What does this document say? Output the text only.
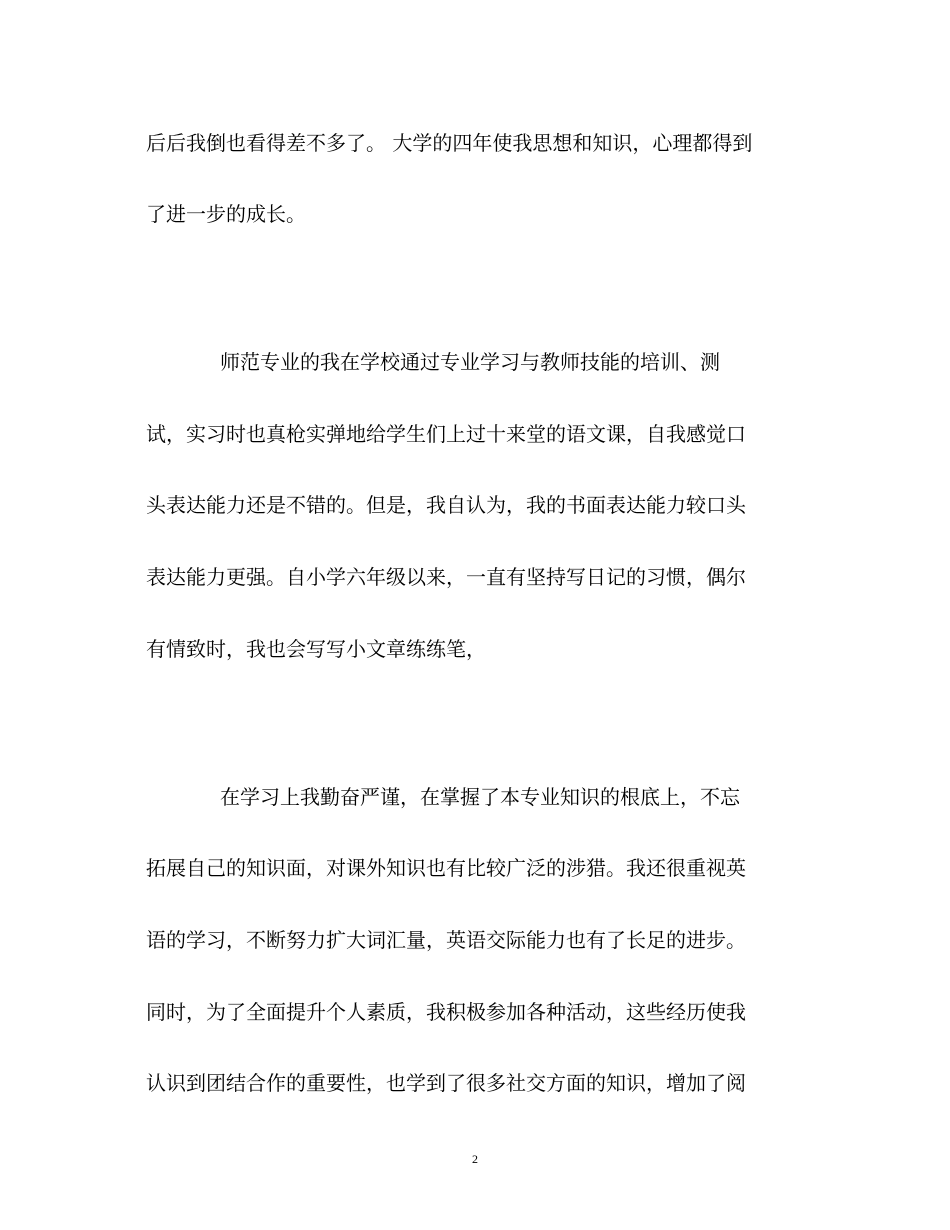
后后我倒也看得差不多了。 大学的四年使我思想和知识，心理都得到

了进一步的成长。

师范专业的我在学校通过专业学习与教师技能的培训、测

试，实习时也真枪实弹地给学生们上过十来堂的语文课，自我感觉口

头表达能力还是不错的。但是，我自认为，我的书面表达能力较口头

表达能力更强。自小学六年级以来，一直有坚持写日记的习惯，偶尔

有情致时，我也会写写小文章练练笔，

在学习上我勤奋严谨，在掌握了本专业知识的根底上，不忘

拓展自己的知识面，对课外知识也有比较广泛的涉猎。我还很重视英

语的学习，不断努力扩大词汇量，英语交际能力也有了长足的进步。

同时，为了全面提升个人素质，我积极参加各种活动，这些经历使我

认识到团结合作的重要性，也学到了很多社交方面的知识，增加了阅

2
